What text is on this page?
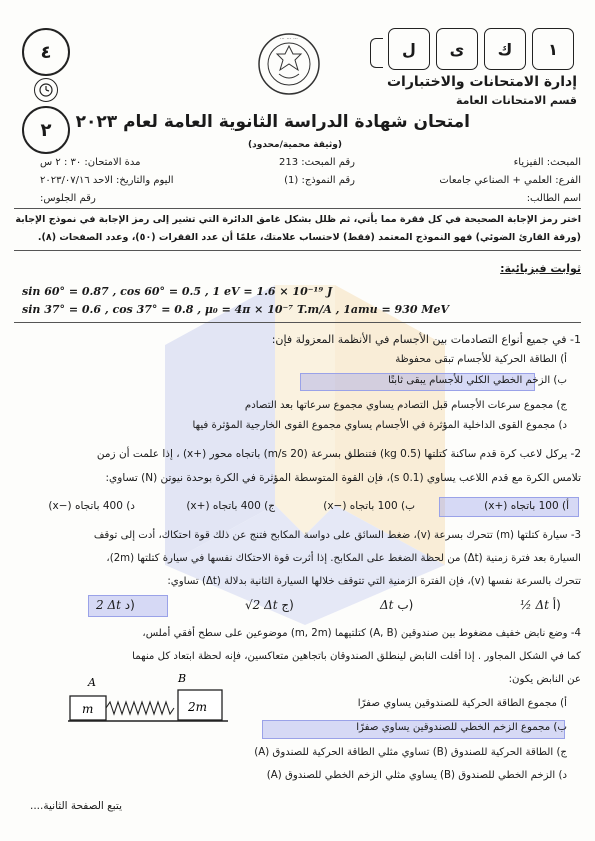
٤
٢
⋯ ⋯ ⋯
١
ك
ى
ل
إدارة الامتحانات والاختبارات
قسم الامتحانات العامة
امتحان شهادة الدراسة الثانوية العامة لعام ٢٠٢٣
(وثيقة محمية/محدود)
المبحث: الفيزياء
رقم المبحث: 213
مدة الامتحان: ٣٠ : ٢ س
الفرع: العلمي + الصناعي جامعات
رقم النموذج: (1)
اليوم والتاريخ: الاحد ٢٠٢٣/٠٧/١٦
اسم الطالب:
رقم الجلوس:
اختر رمز الإجابة الصحيحة في كل فقرة مما يأتي، ثم ظلل بشكل غامق الدائرة التي تشير إلى رمز الإجابة في نموذج الإجابة
(ورقة القارئ الضوئي) فهو النموذج المعتمد (فقط) لاحتساب علامتك، علمًا أن عدد الفقرات (٥٠)، وعدد الصفحات (٨).
ثوابت فيزيائية:
sin 60° = 0.87 , cos 60° = 0.5 , 1 eV = 1.6 × 10⁻¹⁹ J
sin 37° = 0.6 , cos 37° = 0.8 , μ₀ = 4π × 10⁻⁷ T.m/A , 1amu = 930 MeV
1- في جميع أنواع التصادمات بين الأجسام في الأنظمة المعزولة فإن:
أ) الطاقة الحركية للأجسام تبقى محفوظة
ب) الزخم الخطي الكلي للأجسام يبقى ثابتًا
ج) مجموع سرعات الأجسام قبل التصادم يساوي مجموع سرعاتها بعد التصادم
د) مجموع القوى الداخلية المؤثرة في الأجسام يساوي مجموع القوى الخارجية المؤثرة فيها
2- يركل لاعب كرة قدم ساكنة كتلتها (0.5 kg) فتنطلق بسرعة (20 m/s) باتجاه محور (+x) ، إذا علمت أن زمن
تلامس الكرة مع قدم اللاعب يساوي (0.1 s)، فإن القوة المتوسطة المؤثرة في الكرة بوحدة نيوتن (N) تساوي:
أ) 100 باتجاه (+x)
ب) 100 باتجاه (−x)
ج) 400 باتجاه (+x)
د) 400 باتجاه (−x)
3- سيارة كتلتها (m) تتحرك بسرعة (v)، ضغط السائق على دواسة المكابح فتنج عن ذلك قوة احتكاك، أدت إلى توقف
السيارة بعد فترة زمنية (Δt) من لحظة الضغط على المكابح. إذا أثرت قوة الاحتكاك نفسها في سيارة كتلتها (2m)،
تتحرك بالسرعة نفسها (v)، فإن الفترة الزمنية التي تتوقف خلالها السيارة الثانية بدلالة (Δt) تساوي:
½ Δt أ)
Δt ب)
√2 Δt ج)
2 Δt د)
4- وضع نابض خفيف مضغوط بين صندوقين (A, B) كتلتيهما (m, 2m) موضوعين على سطح أفقي أملس،
كما في الشكل المجاور . إذا أفلت النابض لينطلق الصندوقان باتجاهين متعاكسين، فإنه لحظة ابتعاد كل منهما
عن النابض يكون:
A	B
m	2m	أ) مجموع الطاقة الحركية للصندوقين يساوي صفرًا
ب) مجموع الزخم الخطي للصندوقين يساوي صفرًا
ج) الطاقة الحركية للصندوق (B) تساوي مثلي الطاقة الحركية للصندوق (A)
د) الزخم الخطي للصندوق (B) يساوي مثلي الزخم الخطي للصندوق (A)
يتبع الصفحة الثانية....
